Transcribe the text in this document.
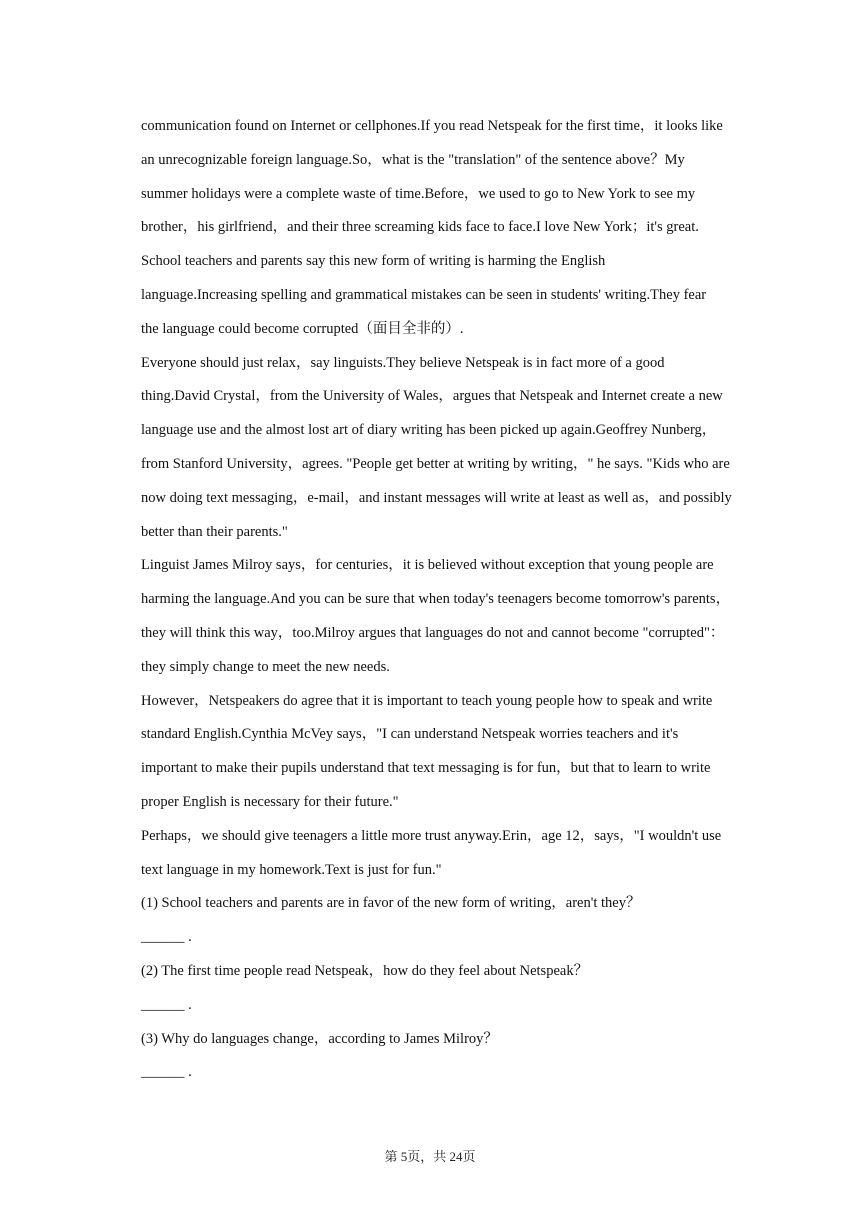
communication found on Internet or cellphones.If you read Netspeak for the first time，it looks like
an unrecognizable foreign language.So，what is the "translation" of the sentence above？My
summer holidays were a complete waste of time.Before，we used to go to New York to see my
brother，his girlfriend，and their three screaming kids face to face.I love New York；it's great.
School teachers and parents say this new form of writing is harming the English
language.Increasing spelling and grammatical mistakes can be seen in students' writing.They fear
the language could become corrupted（面目全非的）.
Everyone should just relax，say linguists.They believe Netspeak is in fact more of a good
thing.David Crystal，from the University of Wales，argues that Netspeak and Internet create a new
language use and the almost lost art of diary writing has been picked up again.Geoffrey Nunberg，
from Stanford University，agrees. "People get better at writing by writing，" he says. "Kids who are
now doing text messaging，e-mail，and instant messages will write at least as well as，and possibly
better than their parents."
Linguist James Milroy says，for centuries，it is believed without exception that young people are
harming the language.And you can be sure that when today's teenagers become tomorrow's parents，
they will think this way，too.Milroy argues that languages do not and cannot become "corrupted"：
they simply change to meet the new needs.
However，Netspeakers do agree that it is important to teach young people how to speak and write
standard English.Cynthia McVey says，"I can understand Netspeak worries teachers and it's
important to make their pupils understand that text messaging is for fun，but that to learn to write
proper English is necessary for their future."
Perhaps，we should give teenagers a little more trust anyway.Erin，age 12，says，"I wouldn't use
text language in my homework.Text is just for fun."
(1) School teachers and parents are in favor of the new form of writing，aren't they？
______ .
(2) The first time people read Netspeak，how do they feel about Netspeak？
______ .
(3) Why do languages change，according to James Milroy？
______ .
第 5页，共 24页
